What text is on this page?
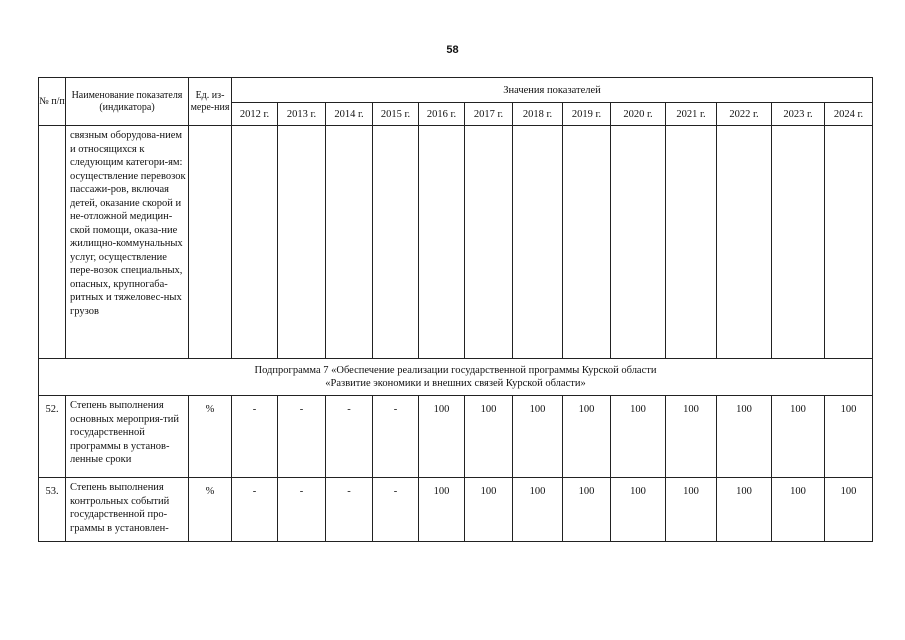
58
№ п/п	Наименование показателя (индикатора)	Ед. из-мере-ния	Значения показателей												
			2012 г.	2013 г.	2014 г.	2015 г.	2016 г.	2017 г.	2018 г.	2019 г.	2020 г.	2021 г.	2022 г.	2023 г.	2024 г.
	связным оборудова-нием и относящихся к следующим категори-ям: осуществление перевозок пассажи-ров, включая детей, оказание скорой и не-отложной медицин-ской помощи, оказа-ние жилищно-коммунальных услуг, осуществление пере-возок специальных, опасных, крупногаба-ритных и тяжеловес-ных грузов														

Подпрограмма 7 «Обеспечение реализации государственной программы Курской области
«Развитие экономики и внешних связей Курской области»															

52.	Степень выполнения основных мероприя-тий государственной программы в установ-ленные сроки	%	-	-	-	-	100	100	100	100	100	100	100	100	100
53.	Степень выполнения контрольных событий государственной про-граммы в установлен-	%	-	-	-	-	100	100	100	100	100	100	100	100	100
